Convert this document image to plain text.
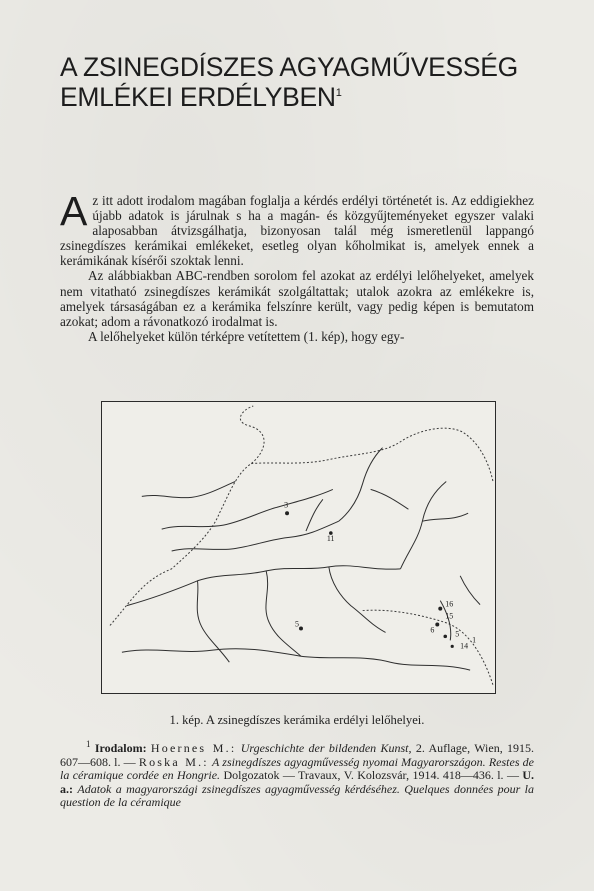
A ZSINEGDÍSZES AGYAGMŰVESSÉG
EMLÉKEI ERDÉLYBEN$^1$

Az itt adott irodalom magában foglalja a kérdés erdélyi történetét is. Az eddigiekhez újabb adatok is járulnak s ha a magán- és közgyűjteményeket egyszer valaki alaposabban átvizsgálhatja, bizonyosan talál még ismeretlenül lappangó zsinegdíszes kerámikai emlékeket, esetleg olyan kőholmikat is, amelyek ennek a kerámikának kísérői szoktak lenni.

Az alábbiakban ABC-rendben sorolom fel azokat az erdélyi lelőhelyeket, amelyek nem vitatható zsinegdíszes kerámikát szolgáltattak; utalok azokra az emlékekre is, amelyek társaságában ez a kerámika felszínre került, vagy pedig képen is bemutatom azokat; adom a rávonatkozó irodalmat is.

A lelőhelyeket külön térképre vetítettem (1. kép), hogy egy-

3
11
5
16
15
6	5
14
1
1. kép. A zsinegdíszes kerámika erdélyi lelőhelyei.

$^1$ Irodalom: Hoernes M.: Urgeschichte der bildenden Kunst, 2. Auflage, Wien, 1915. 607—608. l. — Roska M.: A zsinegdíszes agyagművesség nyomai Magyarországon. Restes de la céramique cordée en Hongrie. Dolgozatok — Travaux, V. Kolozsvár, 1914. 418—436. l. — U. a.: Adatok a magyarországi zsinegdíszes agyagművesség kérdéséhez. Quelques données pour la question de la céramique
